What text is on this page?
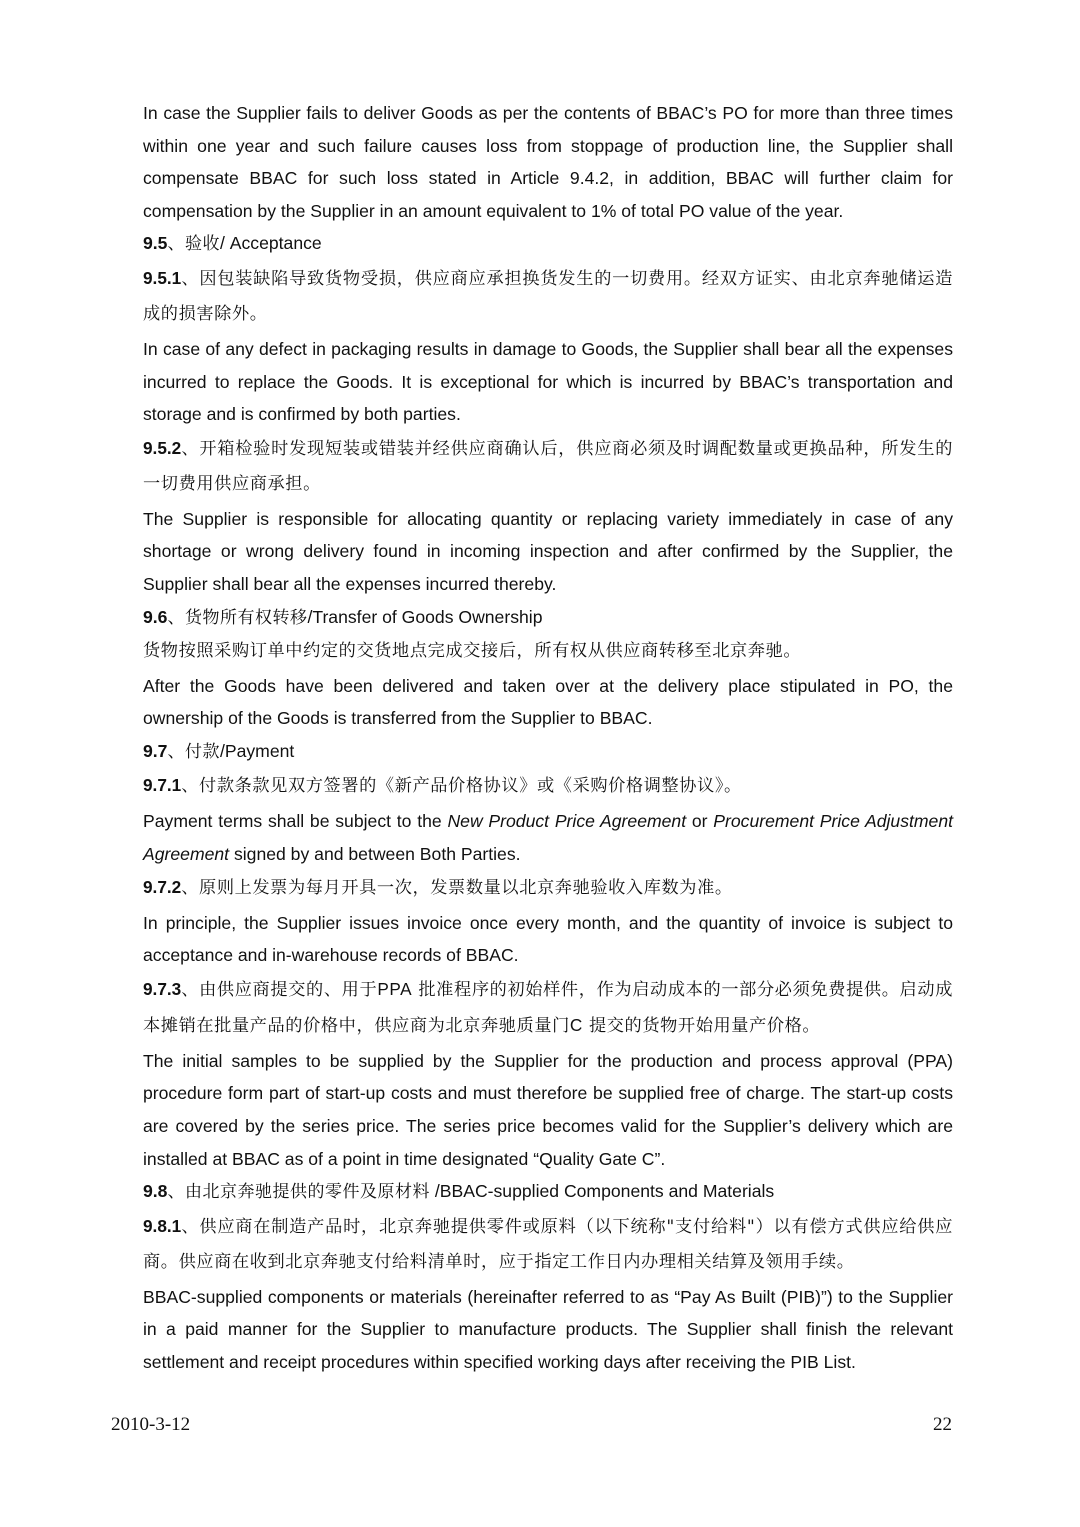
In case the Supplier fails to deliver Goods as per the contents of BBAC’s PO for more than three times within one year and such failure causes loss from stoppage of production line, the Supplier shall compensate BBAC for such loss stated in Article 9.4.2, in addition, BBAC will further claim for compensation by the Supplier in an amount equivalent to 1% of total PO value of the year.

9.5、验收/ Acceptance

9.5.1、因包装缺陷导致货物受损，供应商应承担换货发生的一切费用。经双方证实、由北京奔驰储运造成的损害除外。

In case of any defect in packaging results in damage to Goods, the Supplier shall bear all the expenses incurred to replace the Goods. It is exceptional for which is incurred by BBAC’s transportation and storage and is confirmed by both parties.

9.5.2、开箱检验时发现短装或错装并经供应商确认后，供应商必须及时调配数量或更换品种，所发生的一切费用供应商承担。

The Supplier is responsible for allocating quantity or replacing variety immediately in case of any shortage or wrong delivery found in incoming inspection and after confirmed by the Supplier, the Supplier shall bear all the expenses incurred thereby.

9.6、货物所有权转移/Transfer of Goods Ownership

货物按照采购订单中约定的交货地点完成交接后，所有权从供应商转移至北京奔驰。

After the Goods have been delivered and taken over at the delivery place stipulated in PO, the ownership of the Goods is transferred from the Supplier to BBAC.

9.7、付款/Payment

9.7.1、付款条款见双方签署的《新产品价格协议》或《采购价格调整协议》。

Payment terms shall be subject to the New Product Price Agreement or Procurement Price Adjustment Agreement signed by and between Both Parties.

9.7.2、原则上发票为每月开具一次，发票数量以北京奔驰验收入库数为准。

In principle, the Supplier issues invoice once every month, and the quantity of invoice is subject to acceptance and in-warehouse records of BBAC.

9.7.3、由供应商提交的、用于PPA 批准程序的初始样件，作为启动成本的一部分必须免费提供。启动成本摊销在批量产品的价格中，供应商为北京奔驰质量门C 提交的货物开始用量产价格。

The initial samples to be supplied by the Supplier for the production and process approval (PPA) procedure form part of start-up costs and must therefore be supplied free of charge. The start-up costs are covered by the series price. The series price becomes valid for the Supplier’s delivery which are installed at BBAC as of a point in time designated “Quality Gate C”.

9.8、由北京奔驰提供的零件及原材料 /BBAC-supplied Components and Materials

9.8.1、供应商在制造产品时，北京奔驰提供零件或原料（以下统称"支付给料"）以有偿方式供应给供应商。供应商在收到北京奔驰支付给料清单时，应于指定工作日内办理相关结算及领用手续。

BBAC-supplied components or materials (hereinafter referred to as “Pay As Built (PIB)”) to the Supplier in a paid manner for the Supplier to manufacture products. The Supplier shall finish the relevant settlement and receipt procedures within specified working days after receiving the PIB List.

2010-3-12	22
